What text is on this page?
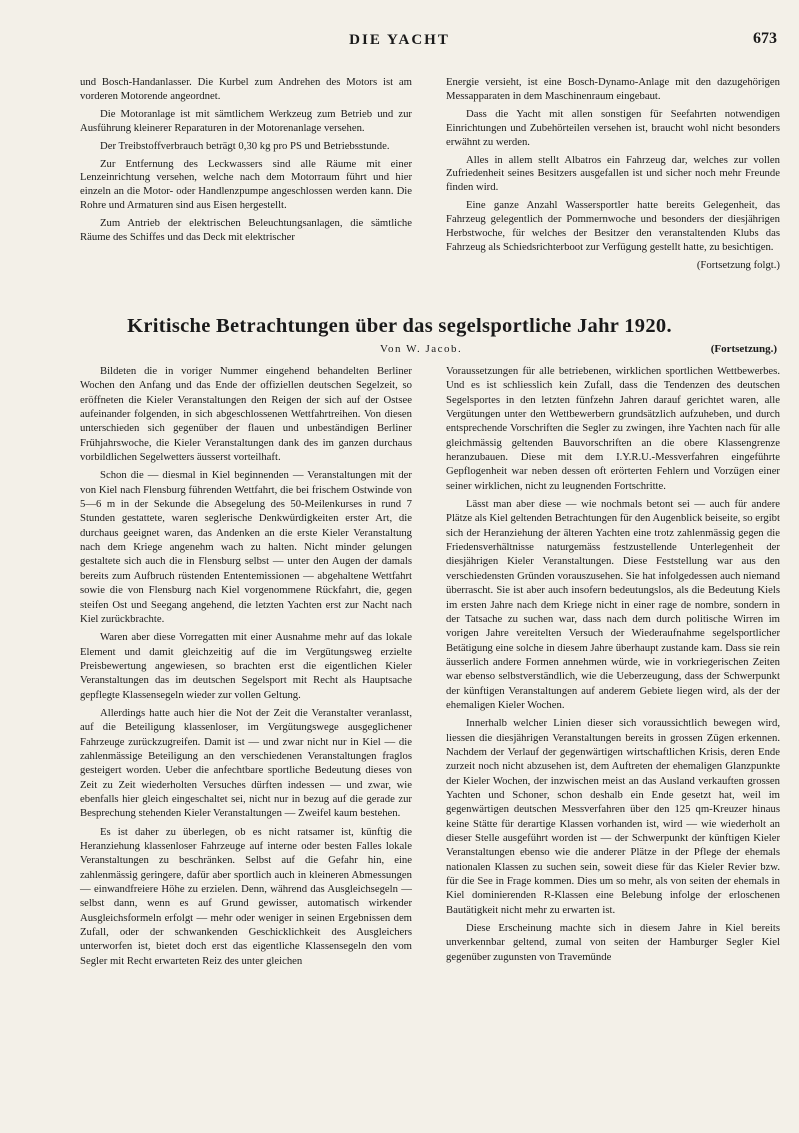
DIE YACHT	673

und Bosch-Handanlasser. Die Kurbel zum Andrehen des Motors ist am vorderen Motorende angeordnet.

Die Motoranlage ist mit sämtlichem Werkzeug zum Betrieb und zur Ausführung kleinerer Reparaturen in der Motorenanlage versehen.

Der Treibstoffverbrauch beträgt 0,30 kg pro PS und Betriebsstunde.

Zur Entfernung des Leckwassers sind alle Räume mit einer Lenzeinrichtung versehen, welche nach dem Motorraum führt und hier einzeln an die Motor- oder Handlenzpumpe angeschlossen werden kann. Die Rohre und Armaturen sind aus Eisen hergestellt.

Zum Antrieb der elektrischen Beleuchtungsanlagen, die sämtliche Räume des Schiffes und das Deck mit elektrischer

Energie versieht, ist eine Bosch-Dynamo-Anlage mit den dazugehörigen Messapparaten in dem Maschinenraum eingebaut.

Dass die Yacht mit allen sonstigen für Seefahrten notwendigen Einrichtungen und Zubehörteilen versehen ist, braucht wohl nicht besonders erwähnt zu werden.

Alles in allem stellt Albatros ein Fahrzeug dar, welches zur vollen Zufriedenheit seines Besitzers ausgefallen ist und sicher noch mehr Freunde finden wird.

Eine ganze Anzahl Wassersportler hatte bereits Gelegenheit, das Fahrzeug gelegentlich der Pommernwoche und besonders der diesjährigen Herbstwoche, für welches der Besitzer den veranstaltenden Klubs das Fahrzeug als Schiedsrichterboot zur Verfügung gestellt hatte, zu besichtigen.

(Fortsetzung folgt.)

Kritische Betrachtungen über das segelsportliche Jahr 1920.
Von W. Jacob.	(Fortsetzung.)

Bildeten die in voriger Nummer eingehend behandelten Berliner Wochen den Anfang und das Ende der offiziellen deutschen Segelzeit, so eröffneten die Kieler Veranstaltungen den Reigen der sich auf der Ostsee aufeinander folgenden, in sich abgeschlossenen Wettfahrtreihen. Von diesen unterschieden sich gegenüber der flauen und unbeständigen Berliner Frühjahrswoche, die Kieler Veranstaltungen dank des im ganzen durchaus vorbildlichen Segelwetters äusserst vorteilhaft.

Schon die — diesmal in Kiel beginnenden — Veranstaltungen mit der von Kiel nach Flensburg führenden Wettfahrt, die bei frischem Ostwinde von 5—6 m in der Sekunde die Absegelung des 50-Meilenkurses in rund 7 Stunden gestattete, waren seglerische Denkwürdigkeiten erster Art, die durchaus geeignet waren, das Andenken an die erste Kieler Veranstaltung nach dem Kriege angenehm wach zu halten. Nicht minder gelungen gestaltete sich auch die in Flensburg selbst — unter den Augen der damals bereits zum Aufbruch rüstenden Ententemissionen — abgehaltene Wettfahrt sowie die von Flensburg nach Kiel vorgenommene Rückfahrt, die, gegen steifen Ost und Seegang angehend, die letzten Yachten erst zur Nacht nach Kiel zurückbrachte.

Waren aber diese Vorregatten mit einer Ausnahme mehr auf das lokale Element und damit gleichzeitig auf die im Vergütungsweg erzielte Preisbewertung angewiesen, so brachten erst die eigentlichen Kieler Veranstaltungen das im deutschen Segelsport mit Recht als Hauptsache gepflegte Klassensegeln wieder zur vollen Geltung.

Allerdings hatte auch hier die Not der Zeit die Veranstalter veranlasst, auf die Beteiligung klassenloser, im Vergütungswege ausgeglichener Fahrzeuge zurückzugreifen. Damit ist — und zwar nicht nur in Kiel — die zahlenmässige Beteiligung an den verschiedenen Veranstaltungen fraglos gesteigert worden. Ueber die anfechtbare sportliche Bedeutung dieses von Zeit zu Zeit wiederholten Versuches dürften indessen — und zwar, wie ebenfalls hier gleich eingeschaltet sei, nicht nur in bezug auf die gerade zur Besprechung stehenden Kieler Veranstaltungen — Zweifel kaum bestehen.

Es ist daher zu überlegen, ob es nicht ratsamer ist, künftig die Heranziehung klassenloser Fahrzeuge auf interne oder besten Falles lokale Veranstaltungen zu beschränken. Selbst auf die Gefahr hin, eine zahlenmässig geringere, dafür aber sportlich auch in kleineren Abmessungen — einwandfreiere Höhe zu erzielen. Denn, während das Ausgleichsegeln — selbst dann, wenn es auf Grund gewisser, automatisch wirkender Ausgleichsformeln erfolgt — mehr oder weniger in seinen Ergebnissen dem Zufall, oder der schwankenden Geschicklichkeit des Ausgleichers unterworfen ist, bietet doch erst das eigentliche Klassensegeln den vom Segler mit Recht erwarteten Reiz des unter gleichen

Voraussetzungen für alle betriebenen, wirklichen sportlichen Wettbewerbes. Und es ist schliesslich kein Zufall, dass die Tendenzen des deutschen Segelsportes in den letzten fünfzehn Jahren darauf gerichtet waren, alle Vergütungen unter den Wettbewerbern grundsätzlich aufzuheben, und durch entsprechende Vorschriften die Segler zu zwingen, ihre Yachten nach für alle gleichmässig geltenden Bauvorschriften an die obere Klassengrenze heranzubauen. Diese mit dem I.Y.R.U.-Messverfahren eingeführte Gepflogenheit war neben dessen oft erörterten Fehlern und Vorzügen einer seiner wirklichen, nicht zu leugnenden Fortschritte.

Lässt man aber diese — wie nochmals betont sei — auch für andere Plätze als Kiel geltenden Betrachtungen für den Augenblick beiseite, so ergibt sich der Heranziehung der älteren Yachten eine trotz zahlenmässig gegen die Friedensverhältnisse naturgemäss festzustellende Unterlegenheit der diesjährigen Kieler Veranstaltungen. Diese Feststellung war aus den verschiedensten Gründen vorauszusehen. Sie hat infolgedessen auch niemand überrascht. Sie ist aber auch insofern bedeutungslos, als die Bedeutung Kiels im ersten Jahre nach dem Kriege nicht in einer rage de nombre, sondern in der Tatsache zu suchen war, dass nach dem durch politische Wirren im vorigen Jahre vereitelten Versuch der Wiederaufnahme segelsportlicher Betätigung eine solche in diesem Jahre überhaupt zustande kam. Dass sie rein äusserlich andere Formen annehmen würde, wie in vorkriegerischen Zeiten war ebenso selbstverständlich, wie die Ueberzeugung, dass der Schwerpunkt der künftigen Veranstaltungen auf anderem Gebiete liegen wird, als der der ehemaligen Kieler Wochen.

Innerhalb welcher Linien dieser sich voraussichtlich bewegen wird, liessen die diesjährigen Veranstaltungen bereits in grossen Zügen erkennen. Nachdem der Verlauf der gegenwärtigen wirtschaftlichen Krisis, deren Ende zurzeit noch nicht abzusehen ist, dem Auftreten der ehemaligen Glanzpunkte der Kieler Wochen, der inzwischen meist an das Ausland verkauften grossen Yachten und Schoner, schon deshalb ein Ende gesetzt hat, weil im gegenwärtigen deutschen Messverfahren über den 125 qm-Kreuzer hinaus keine Stätte für derartige Klassen vorhanden ist, wird — wie wiederholt an dieser Stelle ausgeführt worden ist — der Schwerpunkt der künftigen Kieler Veranstaltungen ebenso wie die anderer Plätze in der Pflege der ehemals nationalen Klassen zu suchen sein, soweit diese für das Kieler Revier bzw. für die See in Frage kommen. Dies um so mehr, als von seiten der ehemals in Kiel dominierenden R-Klassen eine Belebung infolge der erloschenen Bautätigkeit nicht mehr zu erwarten ist.

Diese Erscheinung machte sich in diesem Jahre in Kiel bereits unverkennbar geltend, zumal von seiten der Hamburger Segler Kiel gegenüber zugunsten von Travemünde
